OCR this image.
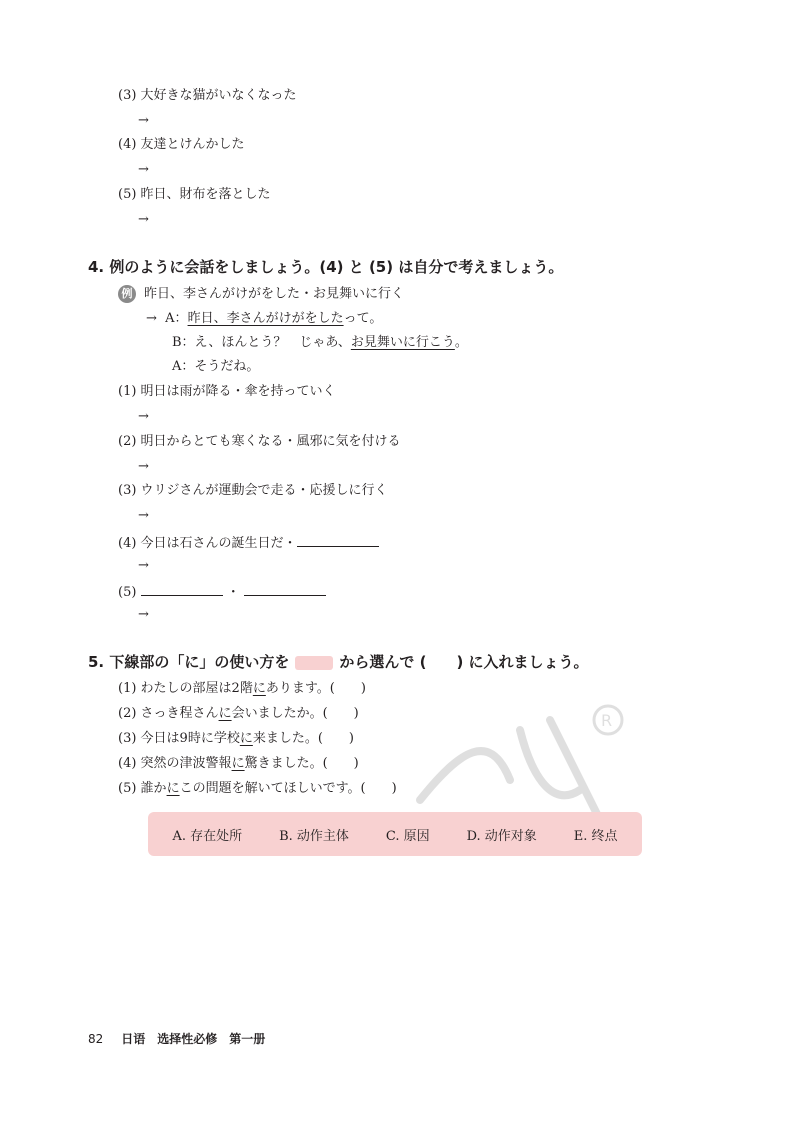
R
(3) 大好きな猫がいなくなった
→
(4) 友達とけんかした
→
(5) 昨日、財布を落とした
→
4. 例のように会話をしましょう。(4) と (5) は自分で考えましょう。
例 昨日、李さんがけがをした・お見舞いに行く
→ A：昨日、李さんがけがをしたって。
B：え、ほんとう？　じゃあ、お見舞いに行こう。
A：そうだね。
(1) 明日は雨が降る・傘を持っていく
→
(2) 明日からとても寒くなる・風邪に気を付ける
→
(3) ウリジさんが運動会で走る・応援しに行く
→
(4) 今日は石さんの誕生日だ・
→
(5)	・
→
5. 下線部の「に」の使い方を	から選んで (　　) に入れましょう。
(1) わたしの部屋は2階にあります。(　　)
(2) さっき程さんに会いましたか。(　　)
(3) 今日は9時に学校に来ました。(　　)
(4) 突然の津波警報に驚きました。(　　)
(5) 誰かにこの問題を解いてほしいです。(　　)
A. 存在处所	B. 动作主体	C. 原因	D. 动作对象	E. 终点
82 日语　选择性必修　第一册
